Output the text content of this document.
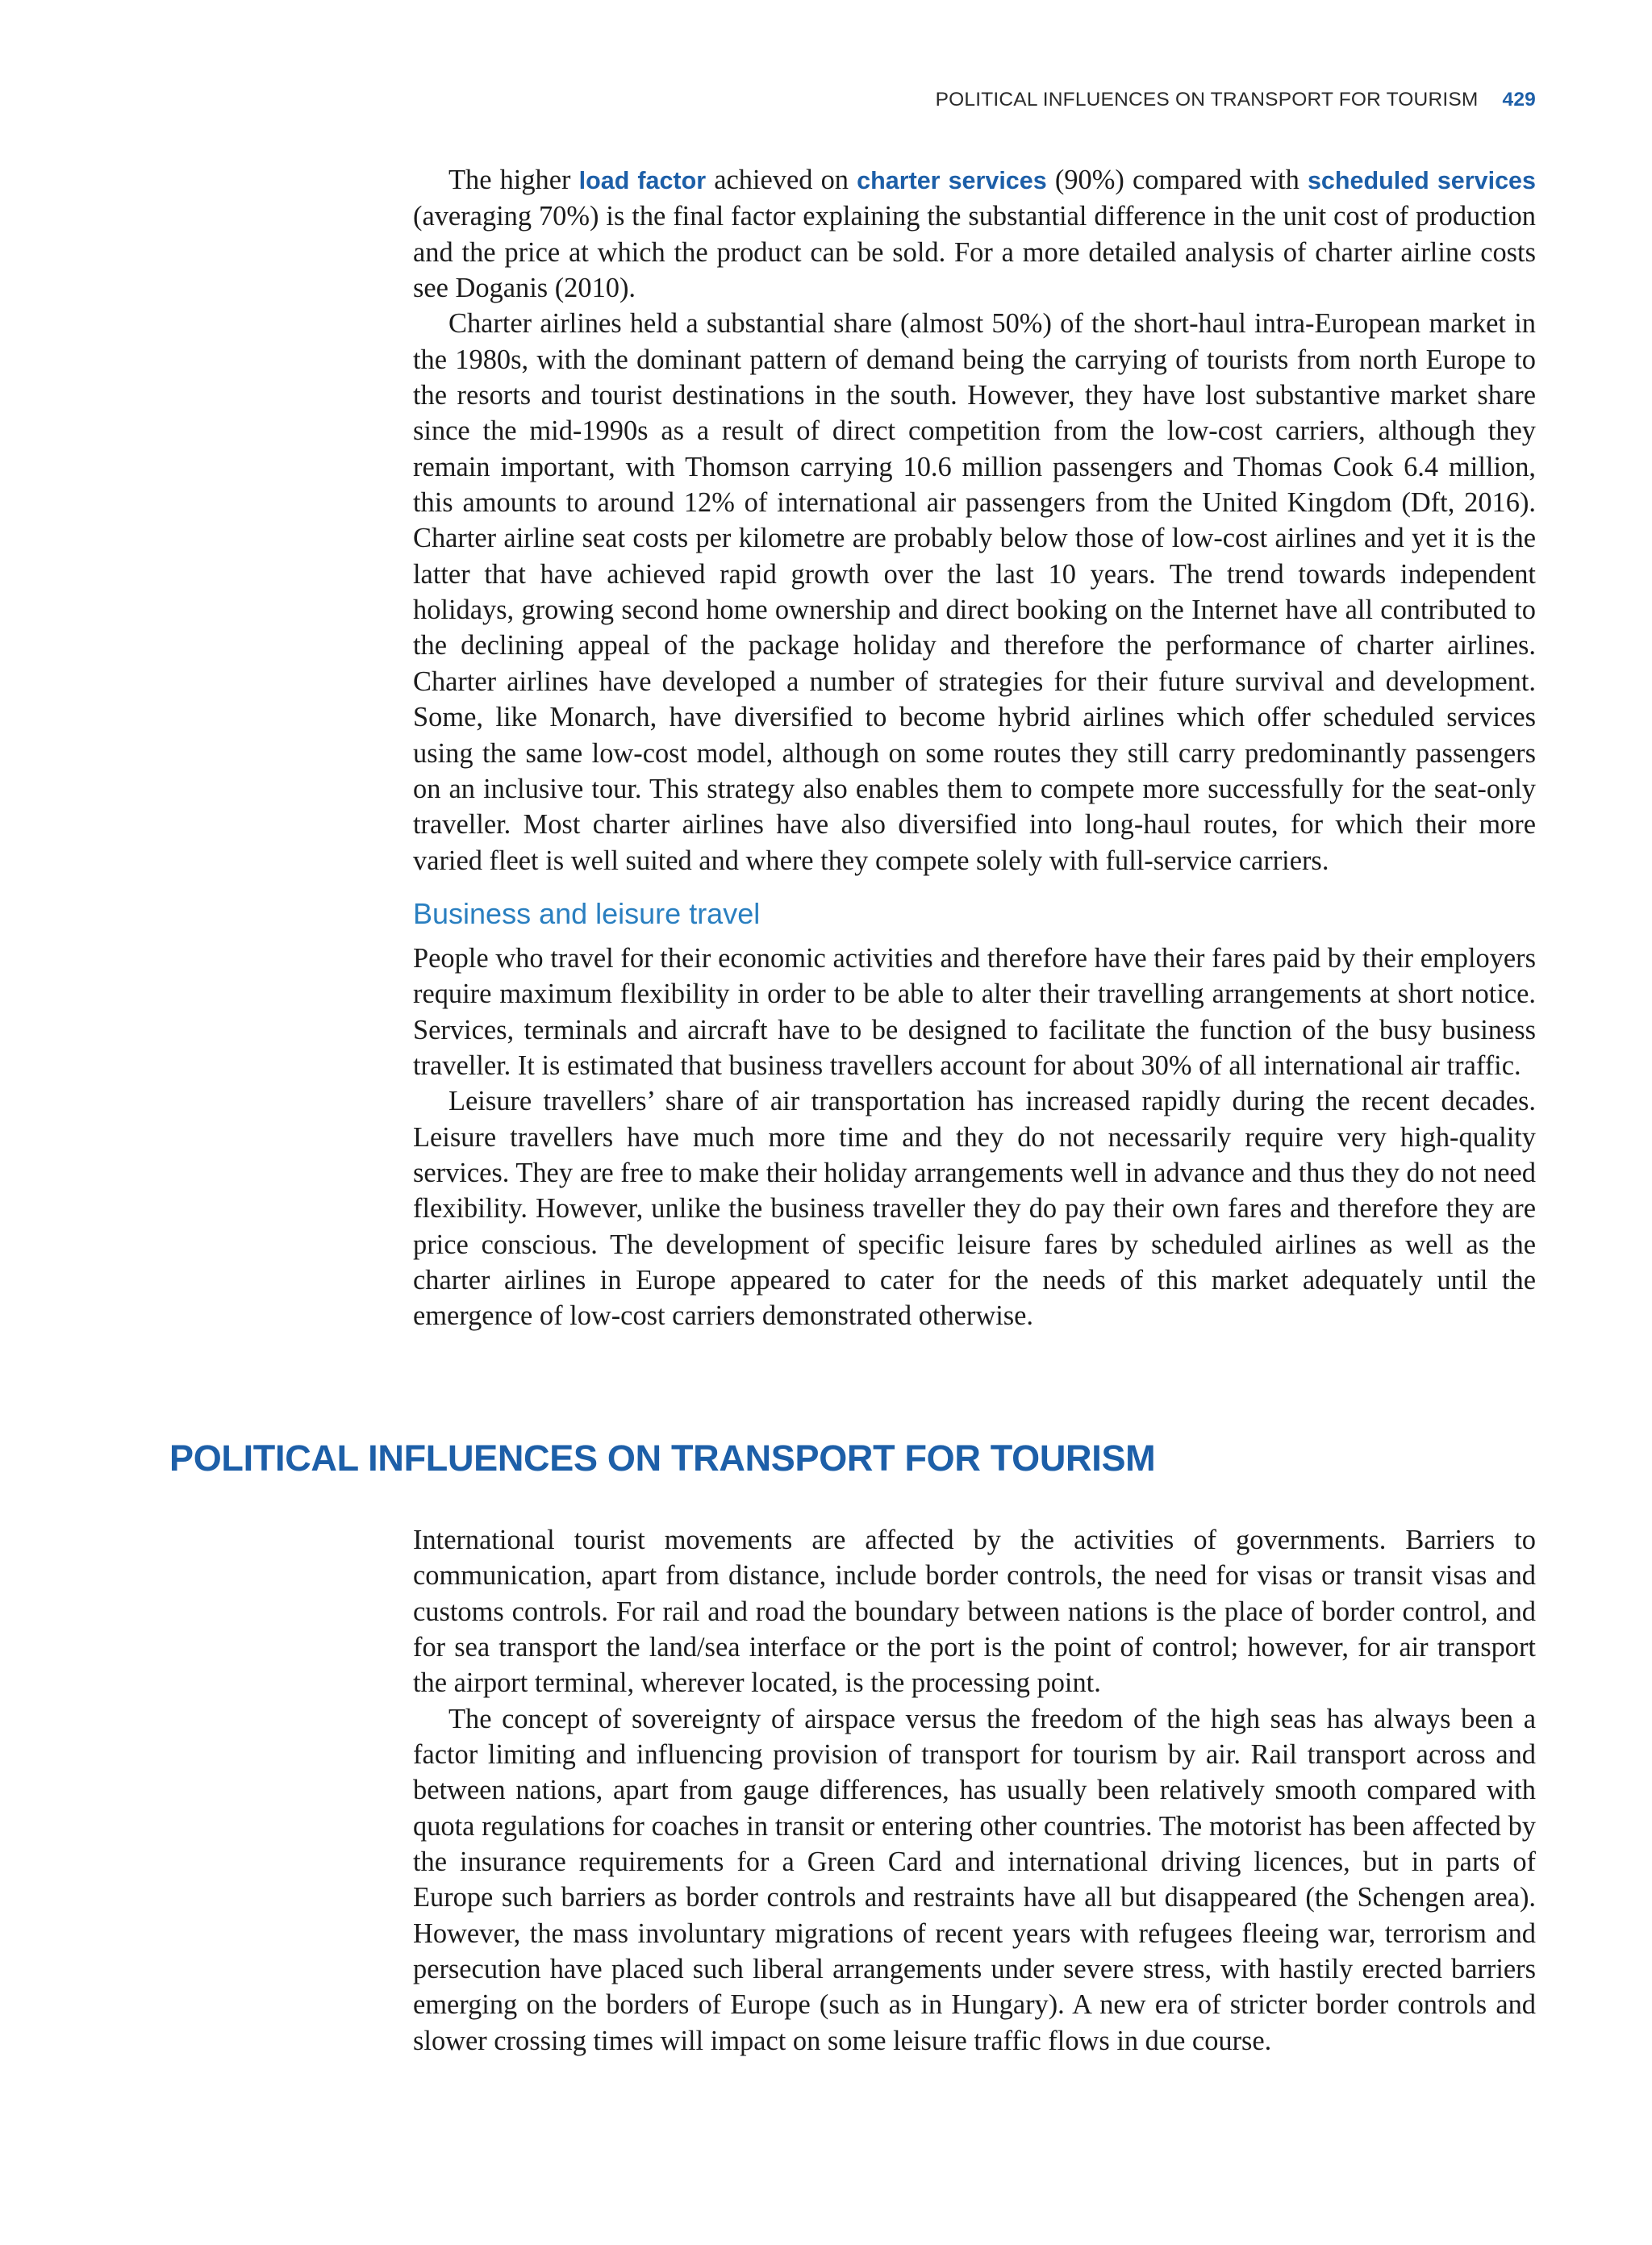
POLITICAL INFLUENCES ON TRANSPORT FOR TOURISM 429

The higher load factor achieved on charter services (90%) compared with scheduled services (averaging 70%) is the final factor explaining the substantial difference in the unit cost of production and the price at which the product can be sold. For a more detailed analysis of charter airline costs see Doganis (2010).

Charter airlines held a substantial share (almost 50%) of the short-haul intra-European market in the 1980s, with the dominant pattern of demand being the carrying of tourists from north Europe to the resorts and tourist destinations in the south. However, they have lost substantive market share since the mid-1990s as a result of direct competition from the low-cost carriers, although they remain important, with Thomson carrying 10.6 million passengers and Thomas Cook 6.4 million, this amounts to around 12% of international air passengers from the United Kingdom (Dft, 2016). Charter airline seat costs per kilometre are probably below those of low-cost airlines and yet it is the latter that have achieved rapid growth over the last 10 years. The trend towards independent holidays, growing second home ownership and direct booking on the Internet have all contributed to the declining appeal of the package holiday and therefore the performance of charter airlines. Charter airlines have developed a number of strategies for their future survival and development. Some, like Monarch, have diversified to become hybrid airlines which offer scheduled services using the same low-cost model, although on some routes they still carry predominantly passengers on an inclusive tour. This strategy also enables them to compete more successfully for the seat-only traveller. Most charter airlines have also diversified into long-haul routes, for which their more varied fleet is well suited and where they compete solely with full-service carriers.

Business and leisure travel

People who travel for their economic activities and therefore have their fares paid by their employers require maximum flexibility in order to be able to alter their travelling arrangements at short notice. Services, terminals and aircraft have to be designed to facilitate the function of the busy business traveller. It is estimated that business travellers account for about 30% of all international air traffic.

Leisure travellers’ share of air transportation has increased rapidly during the recent decades. Leisure travellers have much more time and they do not necessarily require very high-quality services. They are free to make their holiday arrangements well in advance and thus they do not need flexibility. However, unlike the business traveller they do pay their own fares and therefore they are price conscious. The development of specific leisure fares by scheduled airlines as well as the charter airlines in Europe appeared to cater for the needs of this market adequately until the emergence of low-cost carriers demonstrated otherwise.

POLITICAL INFLUENCES ON TRANSPORT FOR TOURISM

International tourist movements are affected by the activities of governments. Barriers to communication, apart from distance, include border controls, the need for visas or transit visas and customs controls. For rail and road the boundary between nations is the place of border control, and for sea transport the land/sea interface or the port is the point of control; however, for air transport the airport terminal, wherever located, is the processing point.

The concept of sovereignty of airspace versus the freedom of the high seas has always been a factor limiting and influencing provision of transport for tourism by air. Rail transport across and between nations, apart from gauge differences, has usually been relatively smooth compared with quota regulations for coaches in transit or entering other countries. The motorist has been affected by the insurance requirements for a Green Card and international driving licences, but in parts of Europe such barriers as border controls and restraints have all but disappeared (the Schengen area). However, the mass involuntary migrations of recent years with refugees fleeing war, terrorism and persecution have placed such liberal arrangements under severe stress, with hastily erected barriers emerging on the borders of Europe (such as in Hungary). A new era of stricter border controls and slower crossing times will impact on some leisure traffic flows in due course.
